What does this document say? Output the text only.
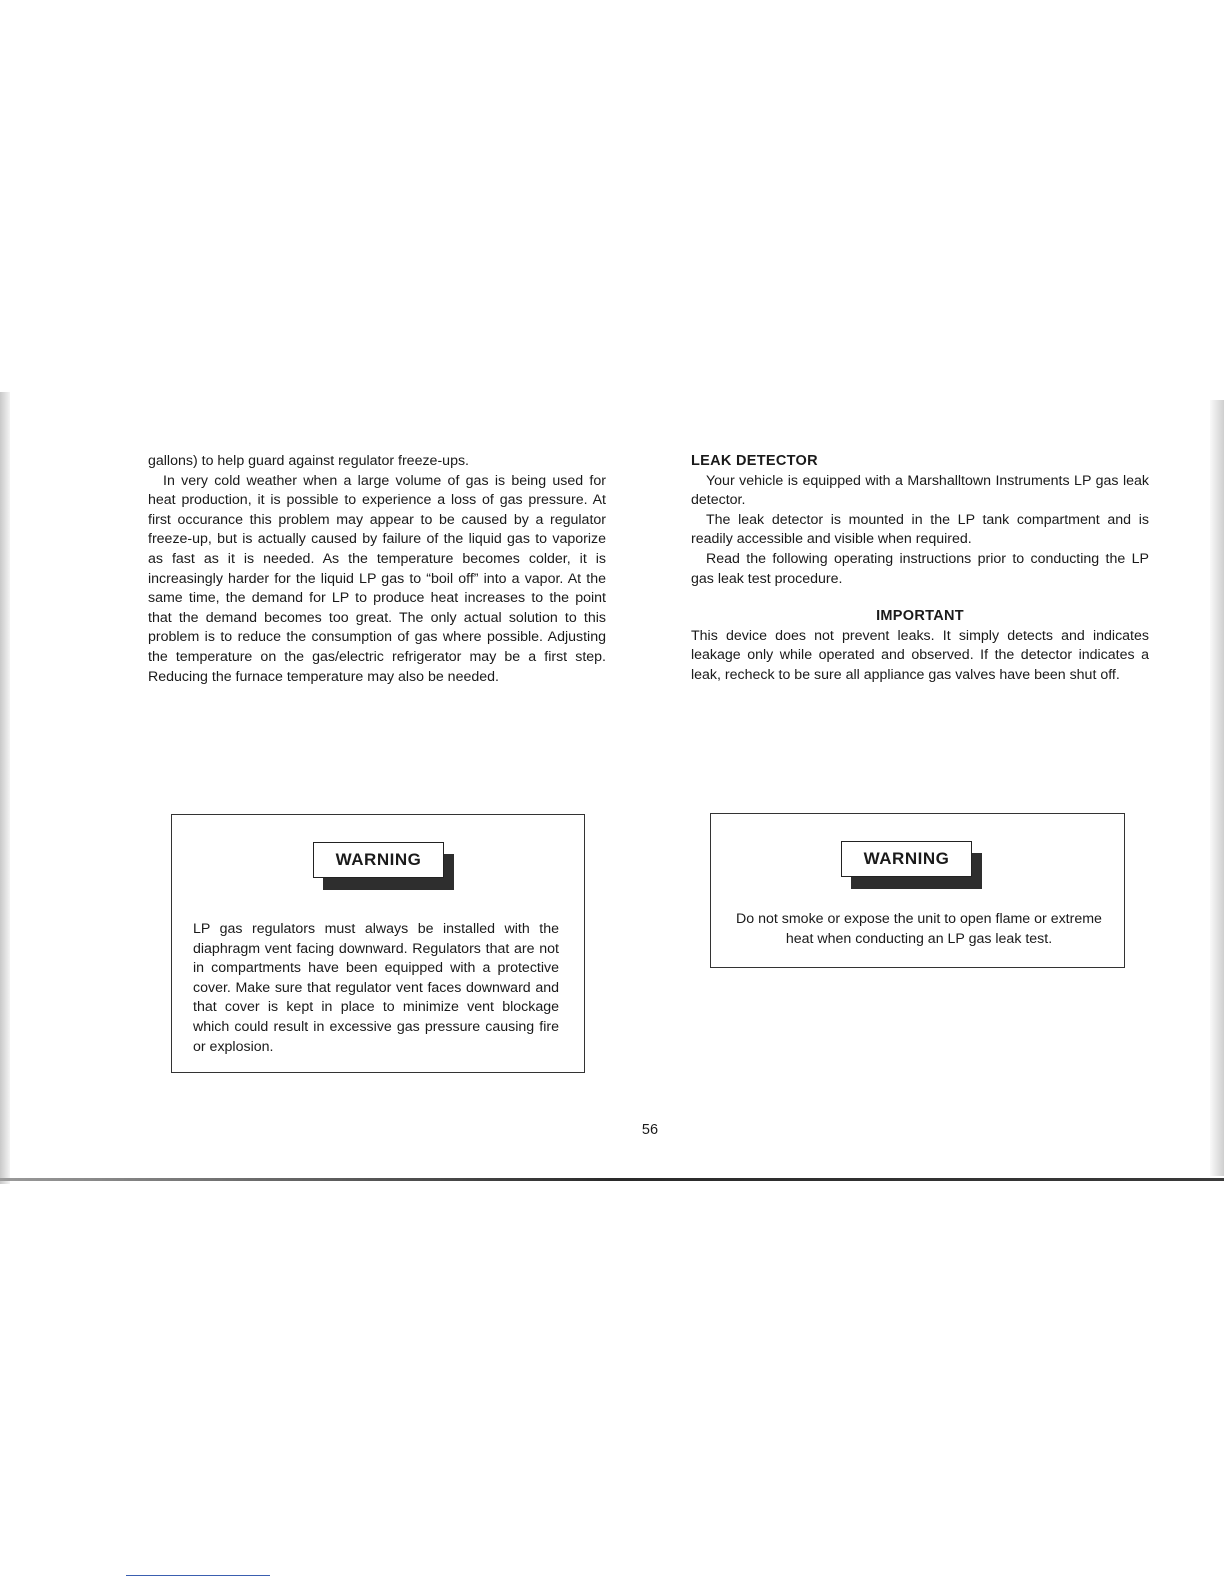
gallons) to help guard against regulator freeze-ups.

In very cold weather when a large volume of gas is being used for heat production, it is possible to experience a loss of gas pressure. At first occurance this problem may appear to be caused by a regulator freeze-up, but is actually caused by failure of the liquid gas to vaporize as fast as it is needed. As the temperature becomes colder, it is increasingly harder for the liquid LP gas to “boil off” into a vapor. At the same time, the demand for LP to produce heat increases to the point that the demand becomes too great. The only actual solution to this problem is to reduce the consumption of gas where possible. Adjusting the temperature on the gas/electric refrigerator may be a first step. Reducing the furnace temperature may also be needed.

LEAK DETECTOR

Your vehicle is equipped with a Marshalltown Instruments LP gas leak detector.

The leak detector is mounted in the LP tank compartment and is readily accessible and visible when required.

Read the following operating instructions prior to conducting the LP gas leak test procedure.

IMPORTANT

This device does not prevent leaks. It simply detects and indicates leakage only while operated and observed. If the detector indicates a leak, recheck to be sure all appliance gas valves have been shut off.

WARNING
LP gas regulators must always be installed with the diaphragm vent facing downward. Regulators that are not in compartments have been equipped with a protective cover. Make sure that regulator vent faces downward and that cover is kept in place to minimize vent blockage which could result in excessive gas pressure causing fire or explosion.
WARNING
Do not smoke or expose the unit to open flame or extreme heat when conducting an LP gas leak test.
56
